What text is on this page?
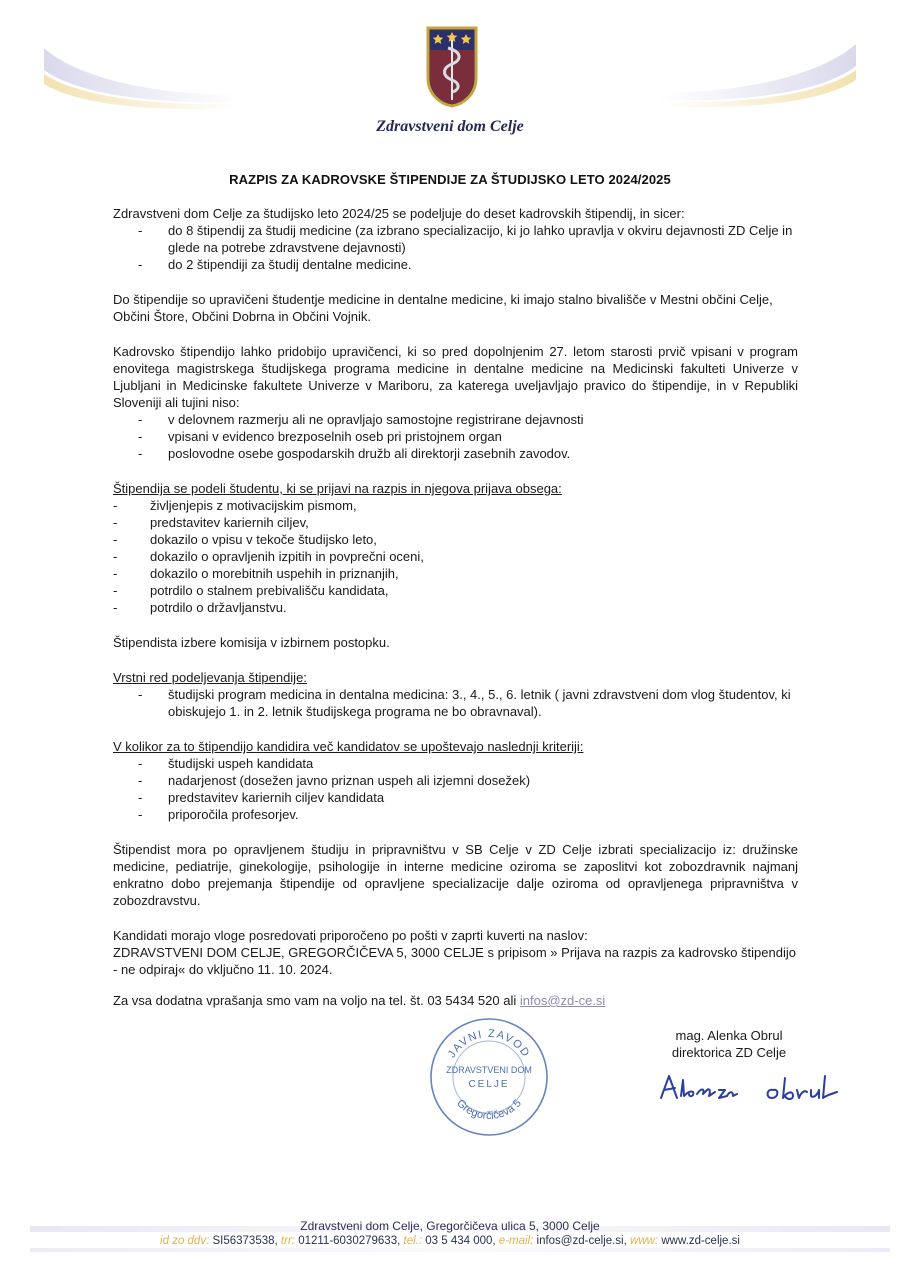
Zdravstveni dom Celje
RAZPIS ZA KADROVSKE ŠTIPENDIJE ZA ŠTUDIJSKO LETO 2024/2025

Zdravstveni dom Celje za študijsko leto 2024/25 se podeljuje do deset kadrovskih štipendij, in sicer:

- do 8 štipendij za študij medicine (za izbrano specializacijo, ki jo lahko upravlja v okviru dejavnosti ZD Celje in glede na potrebe zdravstvene dejavnosti)
- do 2 štipendiji za študij dentalne medicine.

Do štipendije so upravičeni študentje medicine in dentalne medicine, ki imajo stalno bivališče v Mestni občini Celje, Občini Štore, Občini Dobrna in Občini Vojnik.

Kadrovsko štipendijo lahko pridobijo upravičenci, ki so pred dopolnjenim 27. letom starosti prvič vpisani v program enovitega magistrskega študijskega programa medicine in dentalne medicine na Medicinski fakulteti Univerze v Ljubljani in Medicinske fakultete Univerze v Mariboru, za katerega uveljavljajo pravico do štipendije, in v Republiki Sloveniji ali tujini niso:

- v delovnem razmerju ali ne opravljajo samostojne registrirane dejavnosti
- vpisani v evidenco brezposelnih oseb pri pristojnem organ
- poslovodne osebe gospodarskih družb ali direktorji zasebnih zavodov.

Štipendija se podeli študentu, ki se prijavi na razpis in njegova prijava obsega:

- življenjepis z motivacijskim pismom,
- predstavitev kariernih ciljev,
- dokazilo o vpisu v tekoče študijsko leto,
- dokazilo o opravljenih izpitih in povprečni oceni,
- dokazilo o morebitnih uspehih in priznanjih,
- potrdilo o stalnem prebivališču kandidata,
- potrdilo o državljanstvu.

Štipendista izbere komisija v izbirnem postopku.

Vrstni red podeljevanja štipendije:

- študijski program medicina in dentalna medicina: 3., 4., 5., 6. letnik ( javni zdravstveni dom vlog študentov, ki obiskujejo 1. in 2. letnik študijskega programa ne bo obravnaval).

V kolikor za to štipendijo kandidira več kandidatov se upoštevajo naslednji kriteriji:

- študijski uspeh kandidata
- nadarjenost (dosežen javno priznan uspeh ali izjemni dosežek)
- predstavitev kariernih ciljev kandidata
- priporočila profesorjev.

Štipendist mora po opravljenem študiju in pripravništvu v SB Celje v ZD Celje izbrati specializacijo iz: družinske medicine, pediatrije, ginekologije, psihologije in interne medicine oziroma se zaposlitvi kot zobozdravnik najmanj enkratno dobo prejemanja štipendije od opravljene specializacije dalje oziroma od opravljenega pripravništva v zobozdravstvu.

Kandidati morajo vloge posredovati priporočeno po pošti v zaprti kuverti na naslov:

ZDRAVSTVENI DOM CELJE, GREGORČIČEVA 5, 3000 CELJE s pripisom » Prijava na razpis za kadrovsko štipendijo - ne odpiraj« do vključno 11. 10. 2024.

Za vsa dodatna vprašanja smo vam na voljo na tel. št. 03 5434 520 ali infos@zd-ce.si

JAVNI ZAVOD
ZDRAVSTVENI DOM
CELJE
Gregorčičeva 5
mag. Alenka Obrul
direktorica ZD Celje
Zdravstveni dom Celje, Gregorčičeva ulica 5, 3000 Celje
id zo ddv: SI56373538, trr: 01211-6030279633, tel.: 03 5 434 000, e-mail: infos@zd-celje.si, www: www.zd-celje.si
